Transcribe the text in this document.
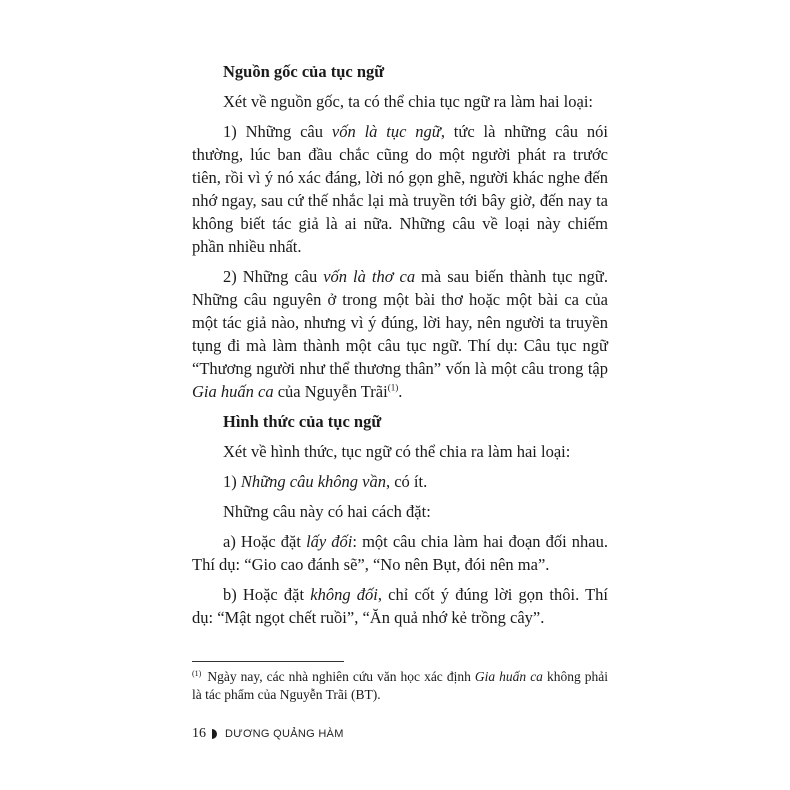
Nguồn gốc của tục ngữ

Xét về nguồn gốc, ta có thể chia tục ngữ ra làm hai loại:

1) Những câu vốn là tục ngữ, tức là những câu nói thường, lúc ban đầu chắc cũng do một người phát ra trước tiên, rồi vì ý nó xác đáng, lời nó gọn ghẽ, người khác nghe đến nhớ ngay, sau cứ thế nhắc lại mà truyền tới bây giờ, đến nay ta không biết tác giả là ai nữa. Những câu về loại này chiếm phần nhiều nhất.

2) Những câu vốn là thơ ca mà sau biến thành tục ngữ. Những câu nguyên ở trong một bài thơ hoặc một bài ca của một tác giả nào, nhưng vì ý đúng, lời hay, nên người ta truyền tụng đi mà làm thành một câu tục ngữ. Thí dụ: Câu tục ngữ “Thương người như thể thương thân” vốn là một câu trong tập Gia huấn ca của Nguyễn Trãi$^{(1)}$.

Hình thức của tục ngữ

Xét về hình thức, tục ngữ có thể chia ra làm hai loại:

1) Những câu không vần, có ít.

Những câu này có hai cách đặt:

a) Hoặc đặt lấy đối: một câu chia làm hai đoạn đối nhau. Thí dụ: “Gio cao đánh sẽ”, “No nên Bụt, đói nên ma”.

b) Hoặc đặt không đối, chỉ cốt ý đúng lời gọn thôi. Thí dụ: “Mật ngọt chết ruồi”, “Ăn quả nhớ kẻ trồng cây”.

$^{(1)}$ Ngày nay, các nhà nghiên cứu văn học xác định Gia huấn ca không phải là tác phẩm của Nguyễn Trãi (BT).
16 DƯƠNG QUẢNG HÀM
